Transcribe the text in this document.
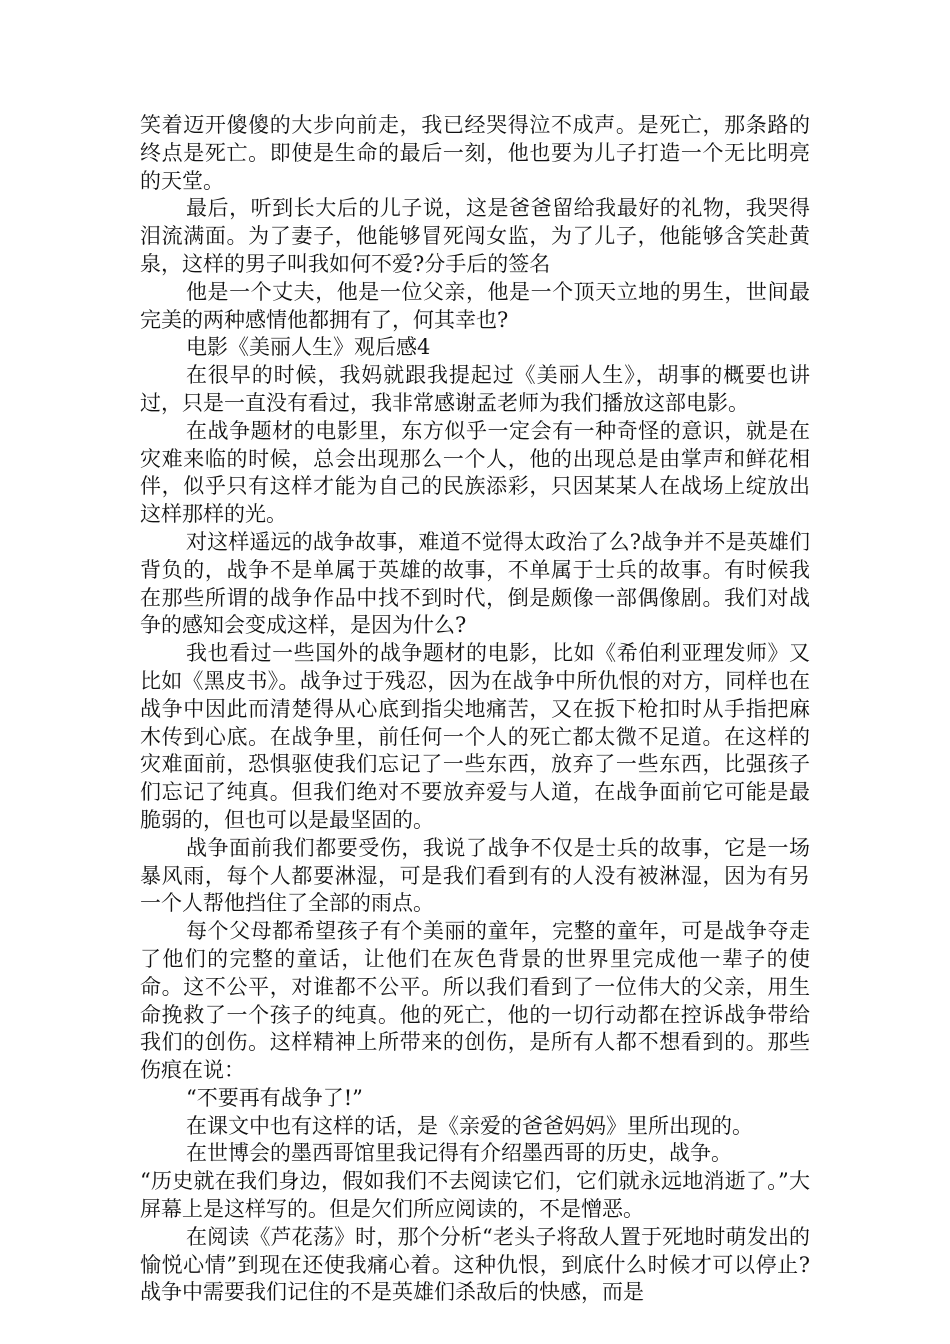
笑着迈开傻傻的大步向前走，我已经哭得泣不成声。是死亡，那条路的终点是死亡。即使是生命的最后一刻，他也要为儿子打造一个无比明亮的天堂。

最后，听到长大后的儿子说，这是爸爸留给我最好的礼物，我哭得泪流满面。为了妻子，他能够冒死闯女监，为了儿子，他能够含笑赴黄泉，这样的男子叫我如何不爱?分手后的签名

他是一个丈夫，他是一位父亲，他是一个顶天立地的男生，世间最完美的两种感情他都拥有了，何其幸也?

电影《美丽人生》观后感4

在很早的时候，我妈就跟我提起过《美丽人生》，胡事的概要也讲过，只是一直没有看过，我非常感谢孟老师为我们播放这部电影。

在战争题材的电影里，东方似乎一定会有一种奇怪的意识，就是在灾难来临的时候，总会出现那么一个人，他的出现总是由掌声和鲜花相伴，似乎只有这样才能为自己的民族添彩，只因某某人在战场上绽放出这样那样的光。

对这样遥远的战争故事，难道不觉得太政治了么?战争并不是英雄们背负的，战争不是单属于英雄的故事，不单属于士兵的故事。有时候我在那些所谓的战争作品中找不到时代，倒是颇像一部偶像剧。我们对战争的感知会变成这样，是因为什么?

我也看过一些国外的战争题材的电影，比如《希伯利亚理发师》又比如《黑皮书》。战争过于残忍，因为在战争中所仇恨的对方，同样也在战争中因此而清楚得从心底到指尖地痛苦，又在扳下枪扣时从手指把麻木传到心底。在战争里，前任何一个人的死亡都太微不足道。在这样的灾难面前，恐惧驱使我们忘记了一些东西，放弃了一些东西，比强孩子们忘记了纯真。但我们绝对不要放弃爱与人道，在战争面前它可能是最脆弱的，但也可以是最坚固的。

战争面前我们都要受伤，我说了战争不仅是士兵的故事，它是一场暴风雨，每个人都要淋湿，可是我们看到有的人没有被淋湿，因为有另一个人帮他挡住了全部的雨点。

每个父母都希望孩子有个美丽的童年，完整的童年，可是战争夺走了他们的完整的童话，让他们在灰色背景的世界里完成他一辈子的使命。这不公平，对谁都不公平。所以我们看到了一位伟大的父亲，用生命挽救了一个孩子的纯真。他的死亡，他的一切行动都在控诉战争带给我们的创伤。这样精神上所带来的创伤，是所有人都不想看到的。那些伤痕在说：

“不要再有战争了!”

在课文中也有这样的话，是《亲爱的爸爸妈妈》里所出现的。

在世博会的墨西哥馆里我记得有介绍墨西哥的历史，战争。

“历史就在我们身边，假如我们不去阅读它们，它们就永远地消逝了。”大屏幕上是这样写的。但是欠们所应阅读的，不是憎恶。

在阅读《芦花荡》时，那个分析“老头子将敌人置于死地时萌发出的愉悦心情”到现在还使我痛心着。这种仇恨，到底什么时候才可以停止?战争中需要我们记住的不是英雄们杀敌后的快感，而是
